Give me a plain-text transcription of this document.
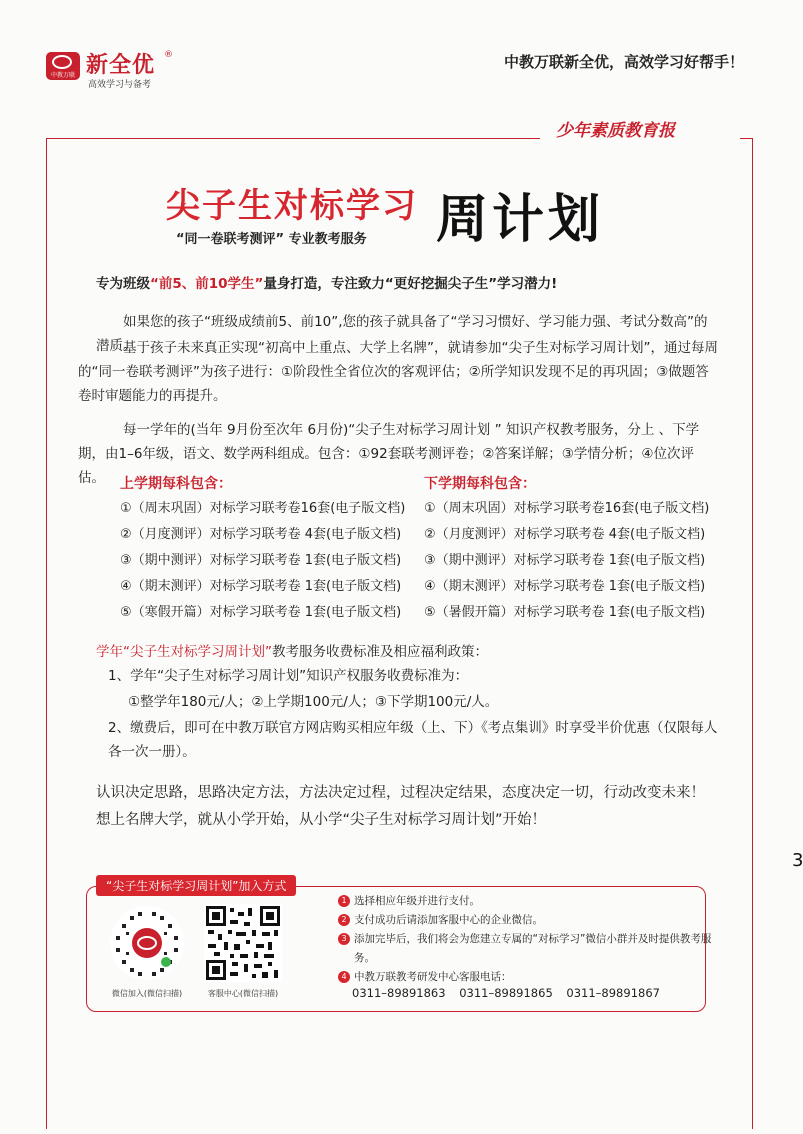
中教万联 新全优 ®
高效学习与备考
中教万联新全优，高效学习好帮手！
少年素质教育报
尖子生对标学习
“同一卷联考测评” 专业教考服务 周计划
专为班级“前5、前10学生”量身打造，专注致力“更好挖掘尖子生”学习潜力!
如果您的孩子“班级成绩前5、前10”,您的孩子就具备了“学习习惯好、学习能力强、考试分数高”的潜质。
基于孩子未来真正实现“初高中上重点、大学上名牌”，就请参加“尖子生对标学习周计划”，通过每周的“同一卷联考测评”为孩子进行：①阶段性全省位次的客观评估；②所学知识发现不足的再巩固；③做题答卷时审题能力的再提升。
每一学年的(当年 9月份至次年 6月份)“尖子生对标学习周计划 ” 知识产权教考服务，分上 、下学期，由1–6年级，语文、数学两科组成。包含：①92套联考测评卷；②答案详解；③学情分析；④位次评估。	上学期每科包含：
①（周末巩固）对标学习联考卷16套(电子版文档)
②（月度测评）对标学习联考卷 4套(电子版文档)
③（期中测评）对标学习联考卷 1套(电子版文档)
④（期末测评）对标学习联考卷 1套(电子版文档)
⑤（寒假开篇）对标学习联考卷 1套(电子版文档)
下学期每科包含：
①（周末巩固）对标学习联考卷16套(电子版文档)
②（月度测评）对标学习联考卷 4套(电子版文档)
③（期中测评）对标学习联考卷 1套(电子版文档)
④（期末测评）对标学习联考卷 1套(电子版文档)
⑤（暑假开篇）对标学习联考卷 1套(电子版文档)
学年“尖子生对标学习周计划”教考服务收费标准及相应福利政策：
1、学年“尖子生对标学习周计划”知识产权服务收费标准为：
①整学年180元/人；②上学期100元/人；③下学期100元/人。
2、缴费后，即可在中教万联官方网店购买相应年级（上、下）《考点集训》时享受半价优惠（仅限每人各一次一册）。
认识决定思路，思路决定方法，方法决定过程，过程决定结果，态度决定一切，行动改变未来！
想上名牌大学，就从小学开始，从小学“尖子生对标学习周计划”开始！
“尖子生对标学习周计划”加入方式
微信加入(微信扫描)	客服中心(微信扫描)
1 选择相应年级并进行支付。
2 支付成功后请添加客服中心的企业微信。
3 添加完毕后，我们将会为您建立专属的“对标学习”微信小群并及时提供教考服务。
4 中教万联教考研发中心客服电话：
0311–89891863 0311–89891865 0311–89891867
3
